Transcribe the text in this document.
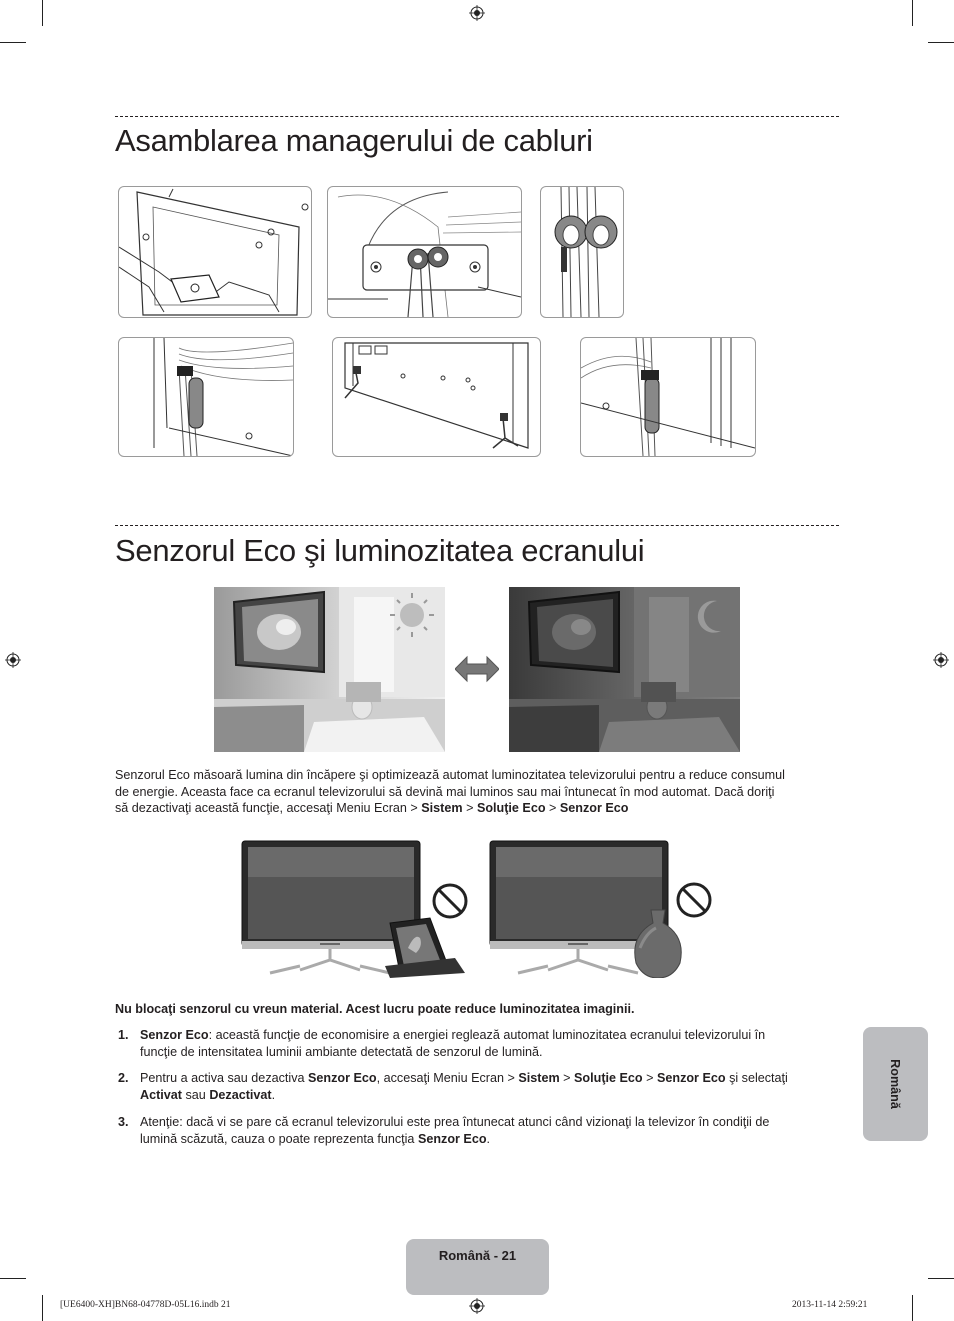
Asamblarea managerului de cabluri
Senzorul Eco şi luminozitatea ecranului
Senzorul Eco măsoară lumina din încăpere şi optimizează automat luminozitatea televizorului pentru a reduce consumul
de energie. Aceasta face ca ecranul televizorului să devină mai luminos sau mai întunecat în mod automat. Dacă doriţi
să dezactivaţi această funcţie, accesaţi Meniu Ecran > Sistem > Soluţie Eco > Senzor Eco
Nu blocaţi senzorul cu vreun material. Acest lucru poate reduce luminozitatea imaginii.
1. Senzor Eco: această funcţie de economisire a energiei reglează automat luminozitatea ecranului televizorului în
funcţie de intensitatea luminii ambiante detectată de senzorul de lumină.
2. Pentru a activa sau dezactiva Senzor Eco, accesaţi Meniu Ecran > Sistem > Soluţie Eco > Senzor Eco şi selectaţi
Activat sau Dezactivat.
3. Atenţie: dacă vi se pare că ecranul televizorului este prea întunecat atunci când vizionaţi la televizor în condiţii de
lumină scăzută, cauza o poate reprezenta funcţia Senzor Eco.
Română
Română - 21
[UE6400-XH]BN68-04778D-05L16.indb 21	2013-11-14 2:59:21
